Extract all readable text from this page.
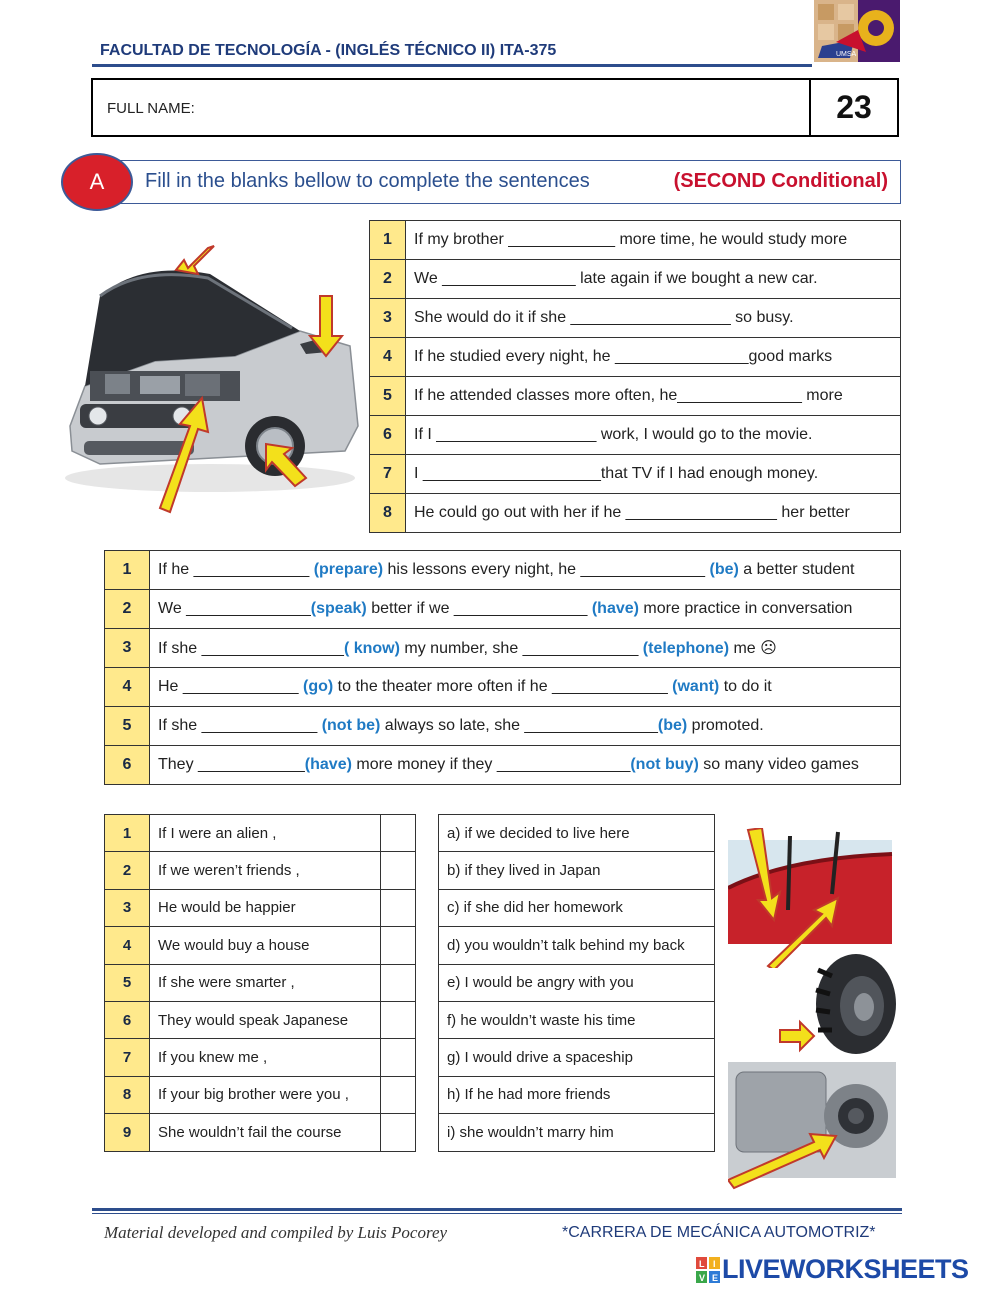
FACULTAD DE TECNOLOGÍA - (INGLÉS TÉCNICO II) ITA-375	UMSA
FULL NAME:	23
Fill in the blanks bellow to complete the sentences	(SECOND Conditional)
A
1	If my brother ____________ more time, he would study more
2	We _______________ late again if we bought a new car.
3	She would do it if she __________________ so busy.
4	If he studied every night, he _______________good marks
5	If he attended classes more often, he______________ more
6	If I __________________ work, I would go to the movie.
7	I ____________________that TV if I had enough money.
8	He could go out with her if he _________________ her better
1	If he _____________ (prepare) his lessons every night, he ______________ (be) a better student
2	We ______________(speak) better if we _______________ (have) more practice in conversation
3	If she ________________( know) my number, she _____________ (telephone) me ☹
4	He _____________ (go) to the theater more often if he _____________ (want) to do it
5	If she _____________ (not be) always so late, she _______________(be) promoted.
6	They ____________(have) more money if they _______________(not buy) so many video games
1	If I were an alien ,	
2	If we weren’t friends ,	
3	He would be happier	
4	We would buy a house	
5	If she were smarter ,	
6	They would speak Japanese	
7	If you knew me ,	
8	If your big brother were you ,	
9	She wouldn’t fail the course	
a) if we decided to live here
b) if they lived in Japan
c) if she did her homework
d) you wouldn’t talk behind my back
e) I would be angry with you
f) he wouldn’t waste his time
g) I would drive a spaceship
h) If he had more friends
i) she wouldn’t marry him
Material developed and compiled by Luis Pocorey	*CARRERA DE MECÁNICA AUTOMOTRIZ*
L I
V E LIVEWORKSHEETS
